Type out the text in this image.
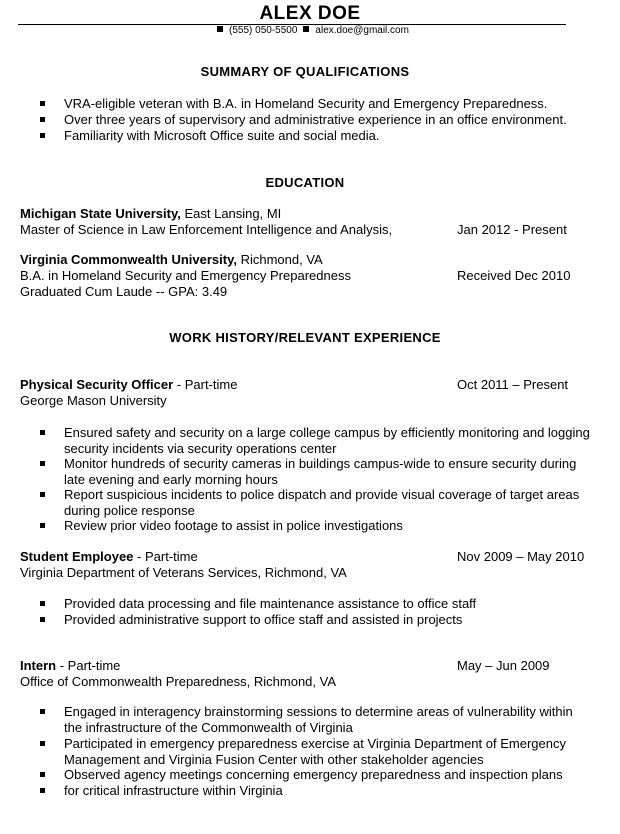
ALEX DOE
(555) 050-5500 alex.doe@gmail.com
SUMMARY OF QUALIFICATIONS
VRA-eligible veteran with B.A. in Homeland Security and Emergency Preparedness.
Over three years of supervisory and administrative experience in an office environment.
Familiarity with Microsoft Office suite and social media.
EDUCATION
Michigan State University, East Lansing, MI
Master of Science in Law Enforcement Intelligence and Analysis,	Jan 2012 - Present
Virginia Commonwealth University, Richmond, VA
B.A. in Homeland Security and Emergency Preparedness	Received Dec 2010
Graduated Cum Laude -- GPA: 3.49
WORK HISTORY/RELEVANT EXPERIENCE
Physical Security Officer - Part-time	Oct 2011 – Present
George Mason University
Ensured safety and security on a large college campus by efficiently monitoring and logging security incidents via security operations center
Monitor hundreds of security cameras in buildings campus-wide to ensure security during late evening and early morning hours
Report suspicious incidents to police dispatch and provide visual coverage of target areas during police response
Review prior video footage to assist in police investigations
Student Employee - Part-time	Nov 2009 – May 2010
Virginia Department of Veterans Services, Richmond, VA
Provided data processing and file maintenance assistance to office staff
Provided administrative support to office staff and assisted in projects
Intern - Part-time	May – Jun 2009
Office of Commonwealth Preparedness, Richmond, VA
Engaged in interagency brainstorming sessions to determine areas of vulnerability within the infrastructure of the Commonwealth of Virginia
Participated in emergency preparedness exercise at Virginia Department of Emergency Management and Virginia Fusion Center with other stakeholder agencies
Observed agency meetings concerning emergency preparedness and inspection plans
for critical infrastructure within Virginia
